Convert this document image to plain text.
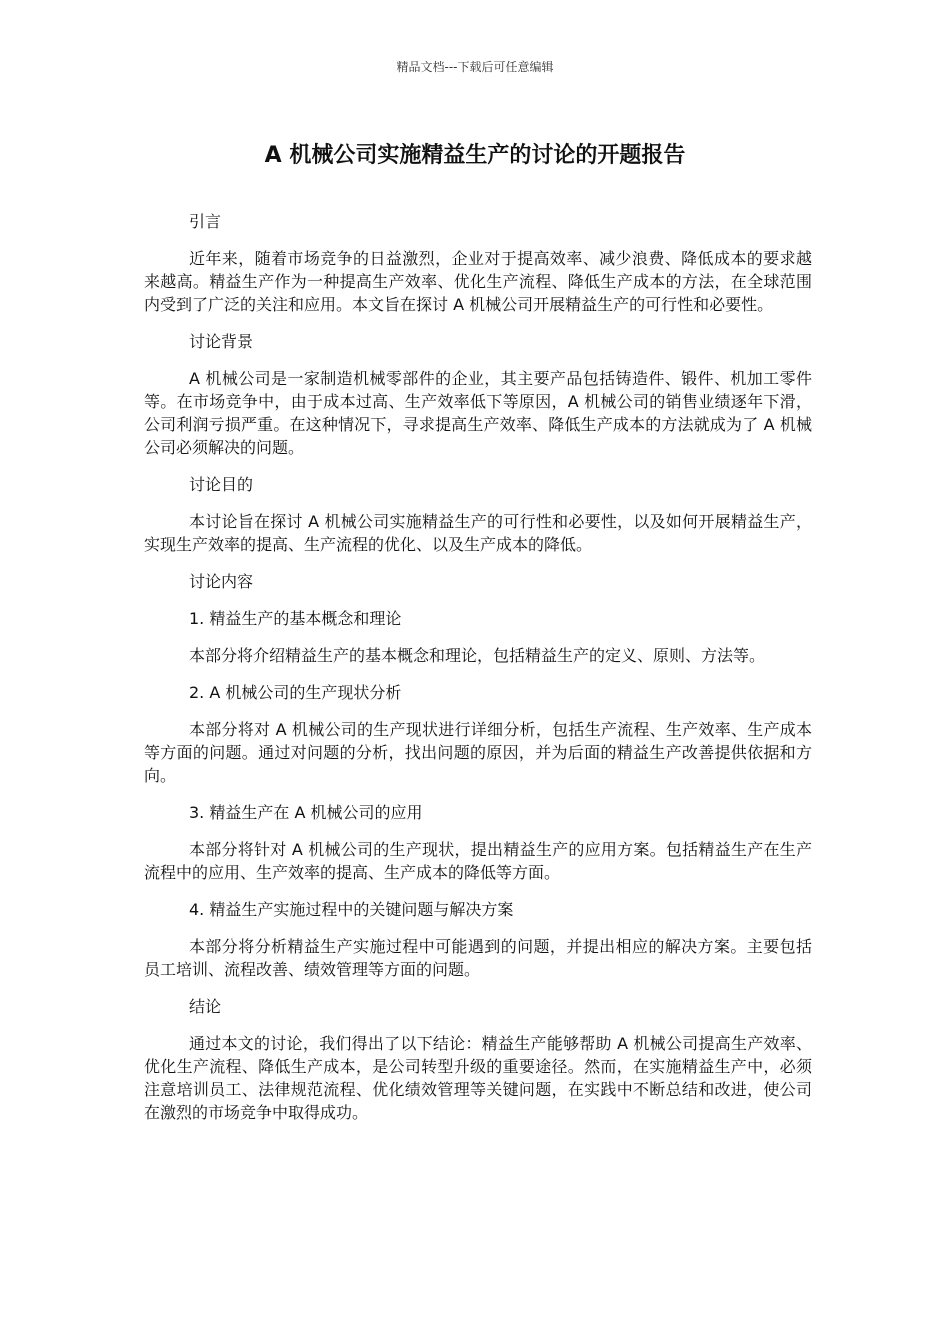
精品文档---下载后可任意编辑
A 机械公司实施精益生产的讨论的开题报告

引言

近年来，随着市场竞争的日益激烈，企业对于提高效率、减少浪费、降低成本的要求越来越高。精益生产作为一种提高生产效率、优化生产流程、降低生产成本的方法，在全球范围内受到了广泛的关注和应用。本文旨在探讨 A 机械公司开展精益生产的可行性和必要性。

讨论背景

A 机械公司是一家制造机械零部件的企业，其主要产品包括铸造件、锻件、机加工零件等。在市场竞争中，由于成本过高、生产效率低下等原因，A 机械公司的销售业绩逐年下滑，公司利润亏损严重。在这种情况下，寻求提高生产效率、降低生产成本的方法就成为了 A 机械公司必须解决的问题。

讨论目的

本讨论旨在探讨 A 机械公司实施精益生产的可行性和必要性，以及如何开展精益生产，实现生产效率的提高、生产流程的优化、以及生产成本的降低。

讨论内容

1. 精益生产的基本概念和理论

本部分将介绍精益生产的基本概念和理论，包括精益生产的定义、原则、方法等。

2. A 机械公司的生产现状分析

本部分将对 A 机械公司的生产现状进行详细分析，包括生产流程、生产效率、生产成本等方面的问题。通过对问题的分析，找出问题的原因，并为后面的精益生产改善提供依据和方向。

3. 精益生产在 A 机械公司的应用

本部分将针对 A 机械公司的生产现状，提出精益生产的应用方案。包括精益生产在生产流程中的应用、生产效率的提高、生产成本的降低等方面。

4. 精益生产实施过程中的关键问题与解决方案

本部分将分析精益生产实施过程中可能遇到的问题，并提出相应的解决方案。主要包括员工培训、流程改善、绩效管理等方面的问题。

结论

通过本文的讨论，我们得出了以下结论：精益生产能够帮助 A 机械公司提高生产效率、优化生产流程、降低生产成本，是公司转型升级的重要途径。然而，在实施精益生产中，必须注意培训员工、法律规范流程、优化绩效管理等关键问题，在实践中不断总结和改进，使公司在激烈的市场竞争中取得成功。
